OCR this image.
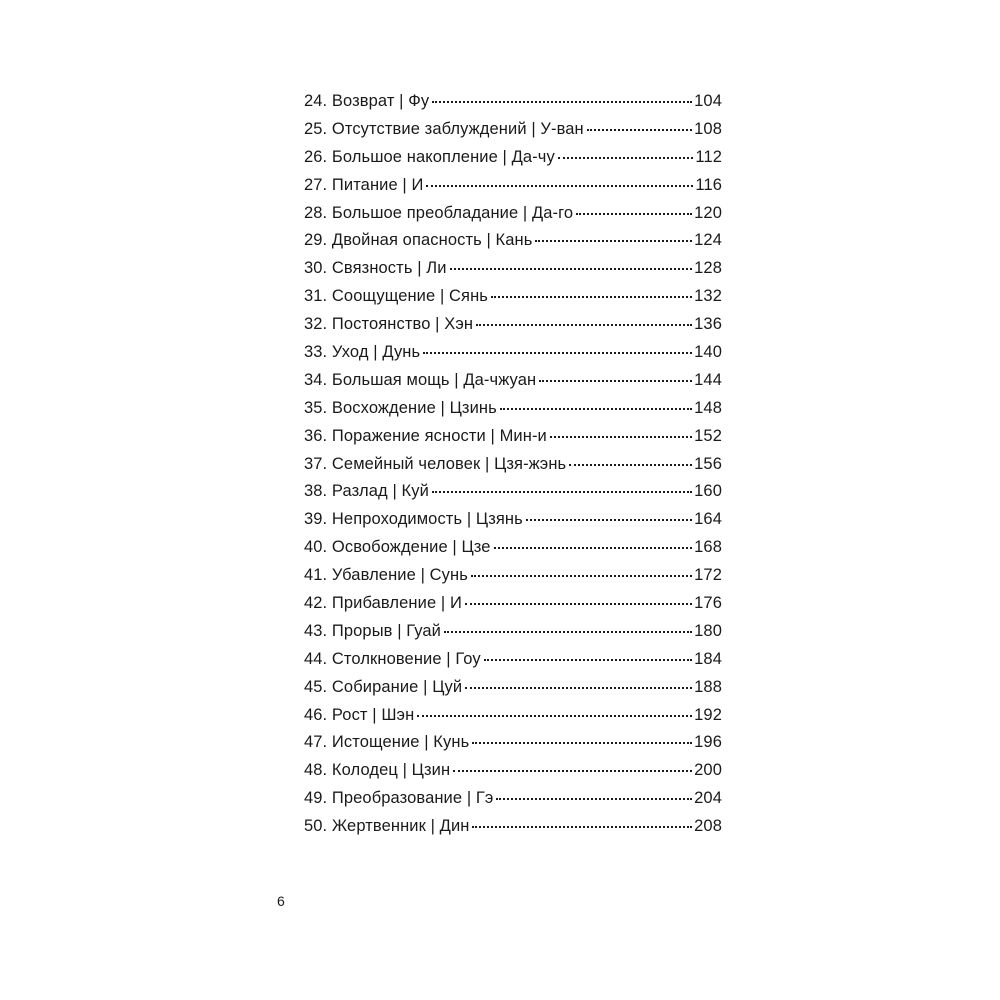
24. Возврат | Фу	104
25. Отсутствие заблуждений | У-ван	108
26. Большое накопление | Да-чу	112
27. Питание | И	116
28. Большое преобладание | Да-го	120
29. Двойная опасность | Кань	124
30. Связность | Ли	128
31. Соощущение | Сянь	132
32. Постоянство | Хэн	136
33. Уход | Дунь	140
34. Большая мощь | Да-чжуан	144
35. Восхождение | Цзинь	148
36. Поражение ясности | Мин-и	152
37. Семейный человек | Цзя-жэнь	156
38. Разлад | Куй	160
39. Непроходимость | Цзянь	164
40. Освобождение | Цзе	168
41. Убавление | Сунь	172
42. Прибавление | И	176
43. Прорыв | Гуай	180
44. Столкновение | Гоу	184
45. Собирание | Цуй	188
46. Рост | Шэн	192
47. Истощение | Кунь	196
48. Колодец | Цзин	200
49. Преобразование | Гэ	204
50. Жертвенник | Дин	208
6
